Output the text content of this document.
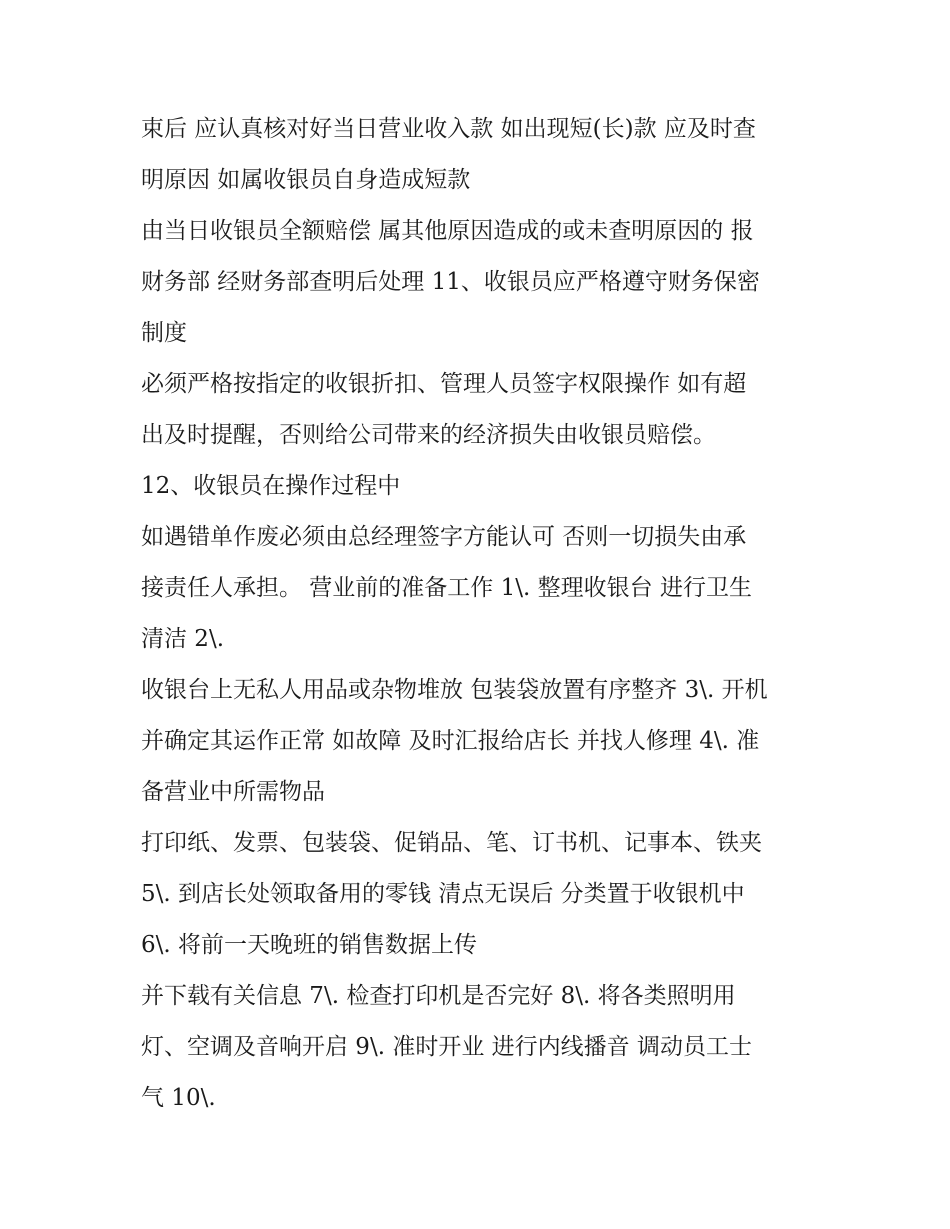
束后 应认真核对好当日营业收入款 如出现短(长)款 应及时查
明原因 如属收银员自身造成短款
由当日收银员全额赔偿 属其他原因造成的或未查明原因的 报
财务部 经财务部查明后处理 11、收银员应严格遵守财务保密
制度
必须严格按指定的收银折扣、管理人员签字权限操作 如有超
出及时提醒，否则给公司带来的经济损失由收银员赔偿。
12、收银员在操作过程中
如遇错单作废必须由总经理签字方能认可 否则一切损失由承
接责任人承担。 营业前的准备工作 1\. 整理收银台 进行卫生
清洁 2\.
收银台上无私人用品或杂物堆放 包装袋放置有序整齐 3\. 开机
并确定其运作正常 如故障 及时汇报给店长 并找人修理 4\. 准
备营业中所需物品
打印纸、发票、包装袋、促销品、笔、订书机、记事本、铁夹
5\. 到店长处领取备用的零钱 清点无误后 分类置于收银机中
6\. 将前一天晚班的销售数据上传
并下载有关信息 7\. 检查打印机是否完好 8\. 将各类照明用
灯、空调及音响开启 9\. 准时开业 进行内线播音 调动员工士
气 10\.
